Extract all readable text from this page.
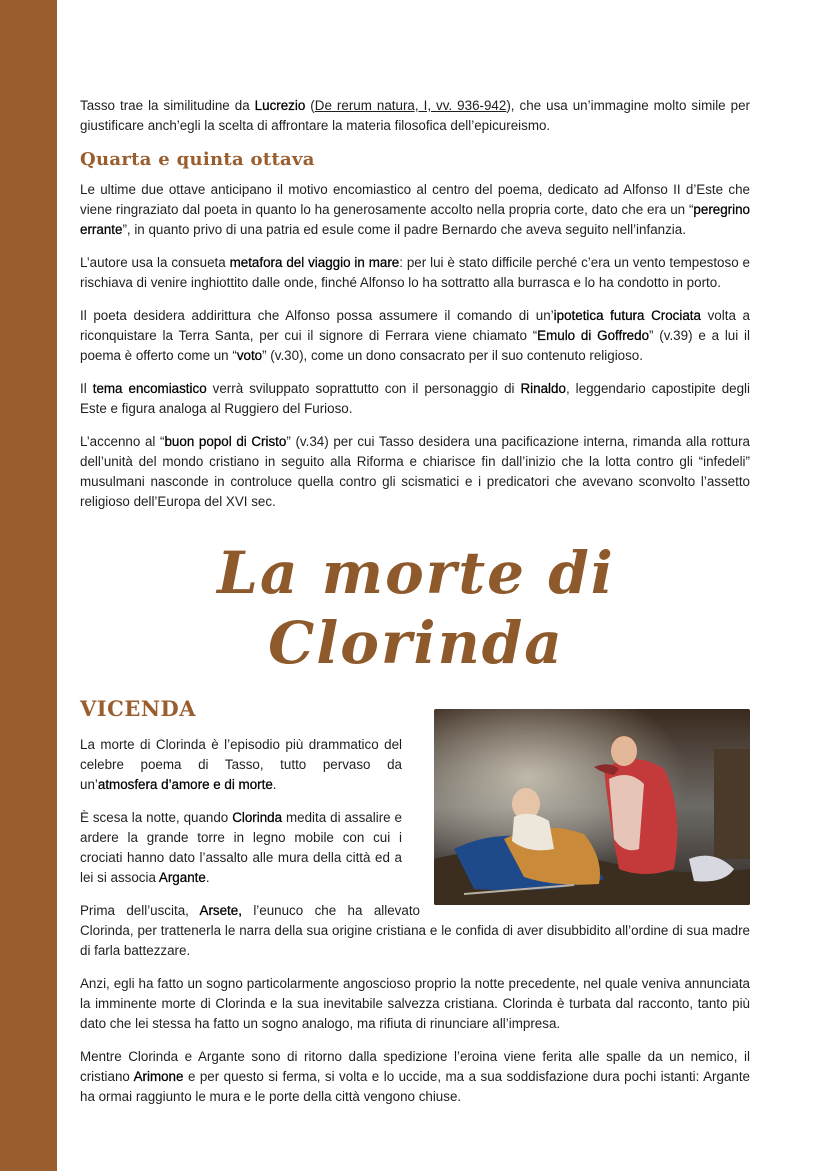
Tasso trae la similitudine da Lucrezio (De rerum natura, I, vv. 936-942), che usa un’immagine molto simile per giustificare anch’egli la scelta di affrontare la materia filosofica dell’epicureismo.

Quarta e quinta ottava

Le ultime due ottave anticipano il motivo encomiastico al centro del poema, dedicato ad Alfonso II d’Este che viene ringraziato dal poeta in quanto lo ha generosamente accolto nella propria corte, dato che era un “peregrino errante”, in quanto privo di una patria ed esule come il padre Bernardo che aveva seguito nell’infanzia.

L’autore usa la consueta metafora del viaggio in mare: per lui è stato difficile perché c’era un vento tempestoso e rischiava di venire inghiottito dalle onde, finché Alfonso lo ha sottratto alla burrasca e lo ha condotto in porto.

Il poeta desidera addirittura che Alfonso possa assumere il comando di un’ipotetica futura Crociata volta a riconquistare la Terra Santa, per cui il signore di Ferrara viene chiamato “Emulo di Goffredo” (v.39) e a lui il poema è offerto come un “voto” (v.30), come un dono consacrato per il suo contenuto religioso.

Il tema encomiastico verrà sviluppato soprattutto con il personaggio di Rinaldo, leggendario capostipite degli Este e figura analoga al Ruggiero del Furioso.

L’accenno al “buon popol di Cristo” (v.34) per cui Tasso desidera una pacificazione interna, rimanda alla rottura dell’unità del mondo cristiano in seguito alla Riforma e chiarisce fin dall’inizio che la lotta contro gli “infedeli” musulmani nasconde in controluce quella contro gli scismatici e i predicatori che avevano sconvolto l’assetto religioso dell’Europa del XVI sec.

La morte di Clorinda
VICENDA

La morte di Clorinda è l’episodio più drammatico del celebre poema di Tasso, tutto pervaso da un’atmosfera d’amore e di morte.

È scesa la notte, quando Clorinda medita di assalire e ardere la grande torre in legno mobile con cui i crociati hanno dato l’assalto alle mura della città ed a lei si associa Argante.

Prima dell’uscita, Arsete, l’eunuco che ha allevato Clorinda, per trattenerla le narra della sua origine cristiana e le confida di aver disubbidito all’ordine di sua madre di farla battezzare.

Anzi, egli ha fatto un sogno particolarmente angoscioso proprio la notte precedente, nel quale veniva annunciata la imminente morte di Clorinda e la sua inevitabile salvezza cristiana. Clorinda è turbata dal racconto, tanto più dato che lei stessa ha fatto un sogno analogo, ma rifiuta di rinunciare all’impresa.

Mentre Clorinda e Argante sono di ritorno dalla spedizione l’eroina viene ferita alle spalle da un nemico, il cristiano Arimone e per questo si ferma, si volta e lo uccide, ma a sua soddisfazione dura pochi istanti: Argante ha ormai raggiunto le mura e le porte della città vengono chiuse.
